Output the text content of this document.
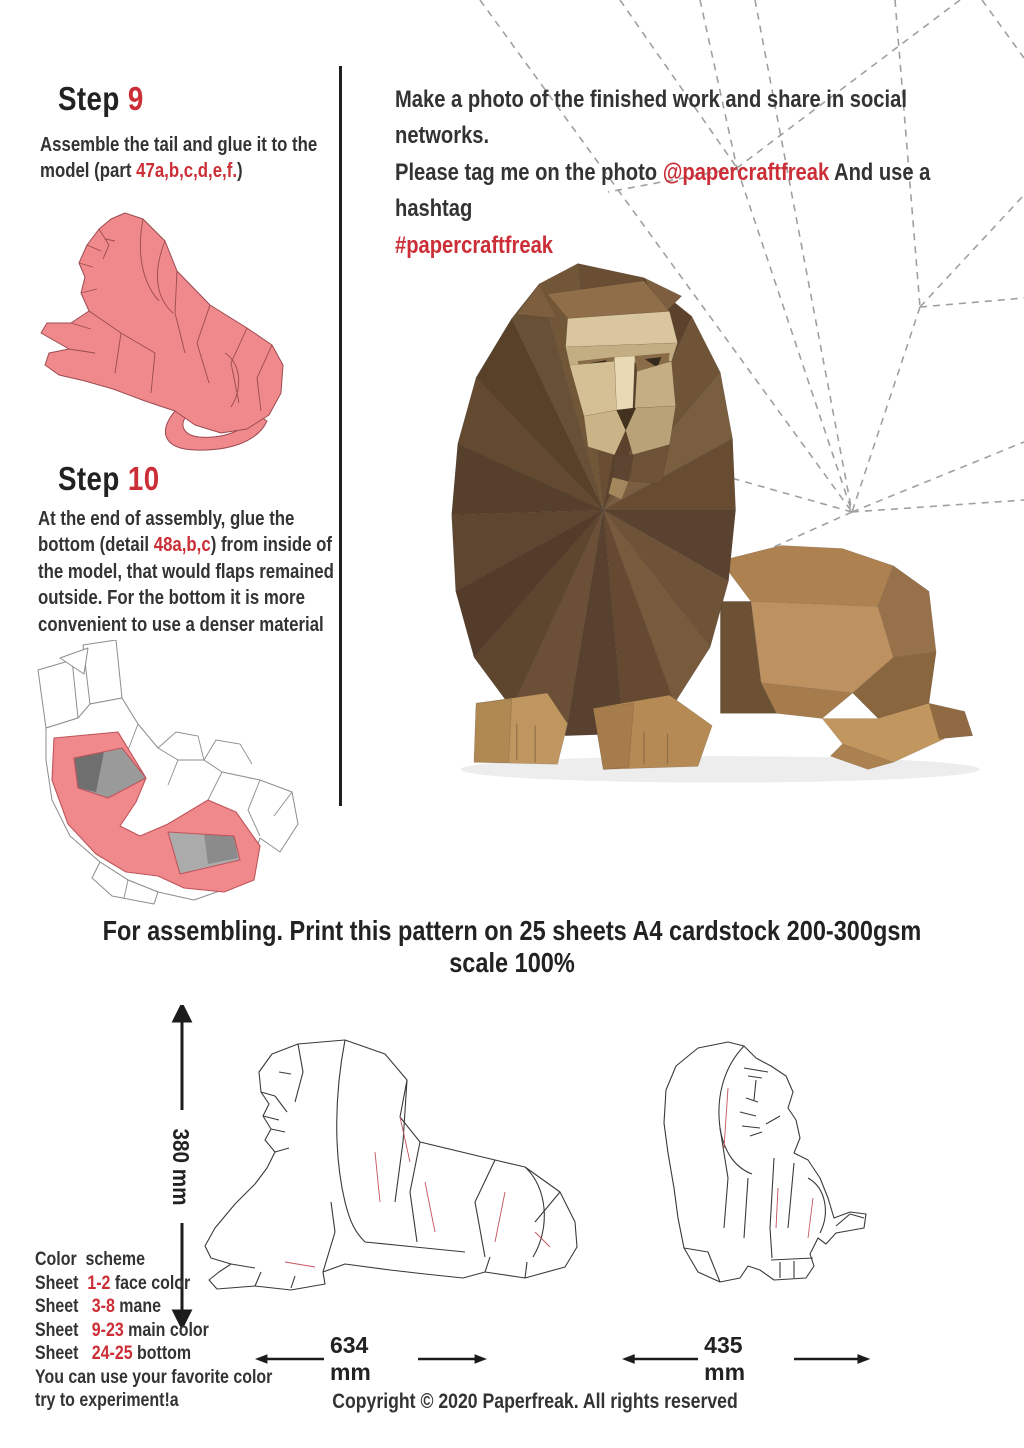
Step 9
Assemble the tail and glue it to the model (part 47a,b,c,d,e,f.)
Step 10
At the end of assembly, glue the bottom (detail 48a,b,c) from inside of the model, that would flaps remained outside. For the bottom it is more convenient to use a denser material
Make a photo of the finished work and share in social networks.
Please tag me on the photo @papercraftfreak And use a hashtag
#papercraftfreak
For assembling. Print this pattern on 25 sheets A4 cardstock 200-300gsm scale 100%
380 mm
634 mm
435 mm
Color  scheme
Sheet  1-2 face color
Sheet   3-8 mane
Sheet   9-23 main color
Sheet   24-25 bottom
You can use your favorite color
try to experiment!a	Copyright © 2020 Paperfreak. All rights reserved
